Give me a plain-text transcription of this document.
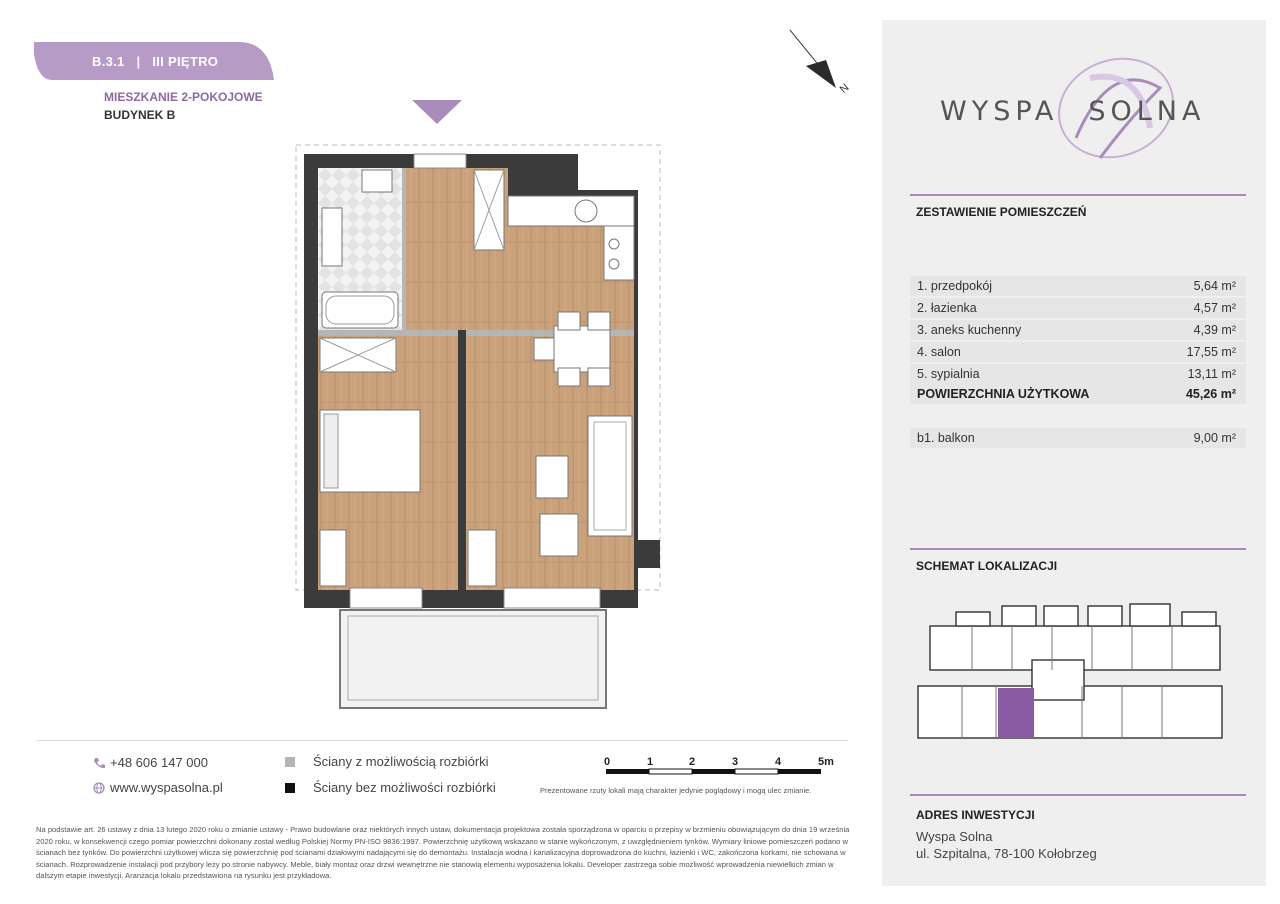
B.3.1 | III PIĘTRO
MIESZKANIE 2-POKOJOWE
BUDYNEK B
N
WYSPA SOLNA
ZESTAWIENIE POMIESZCZEŃ
1. przedpokój	5,64 m²
2. łazienka	4,57 m²
3. aneks kuchenny	4,39 m²
4. salon	17,55 m²
5. sypialnia	13,11 m²
POWIERZCHNIA UŻYTKOWA	45,26 m²
b1. balkon	9,00 m²
SCHEMAT LOKALIZACJI
ADRES INWESTYCJI
Wyspa Solna
ul. Szpitalna, 78-100 Kołobrzeg
+48 606 147 000
www.wyspasolna.pl
Ściany z możliwością rozbiórki
Ściany bez możliwości rozbiórki
0	1	2	3	4	5m
Prezentowane rzuty lokali mają charakter jedynie poglądowy i mogą ulec zmianie.
Na podstawie art. 26 ustawy z dnia 13 lutego 2020 roku o zmianie ustawy - Prawo budowlane oraz niektórych innych ustaw, dokumentacja projektowa została sporządzona w oparciu o przepisy w brzmieniu obowiązującym do dnia 19 września 2020 roku, w konsekwencji czego pomiar powierzchni dokonany został według Polskiej Normy PN-ISO 9836:1997. Powierzchnię użytkową wskazano w stanie wykończonym, z uwzględnieniem tynków. Wymiary liniowe pomieszczeń podano w ścianach bez tynków. Do powierzchni użytkowej wlicza się powierzchnię pod ścianami działowymi nadającymi się do demontażu. Instalacja wodna i kanalizacyjna doprowadzona do kuchni, łazienki i WC, zakończona korkami, nie schowana w ścianach. Rozprowadzenie instalacji pod przybory leży po stronie nabywcy. Meble, biały montaż oraz drzwi wewnętrzne nie stanowią elementu wyposażenia lokalu. Developer zastrzega sobie możliwość wprowadzenia niewielkich zmian w dalszym etapie inwestycji. Aranżacja lokalu przedstawiona na rysunku jest przykładowa.
